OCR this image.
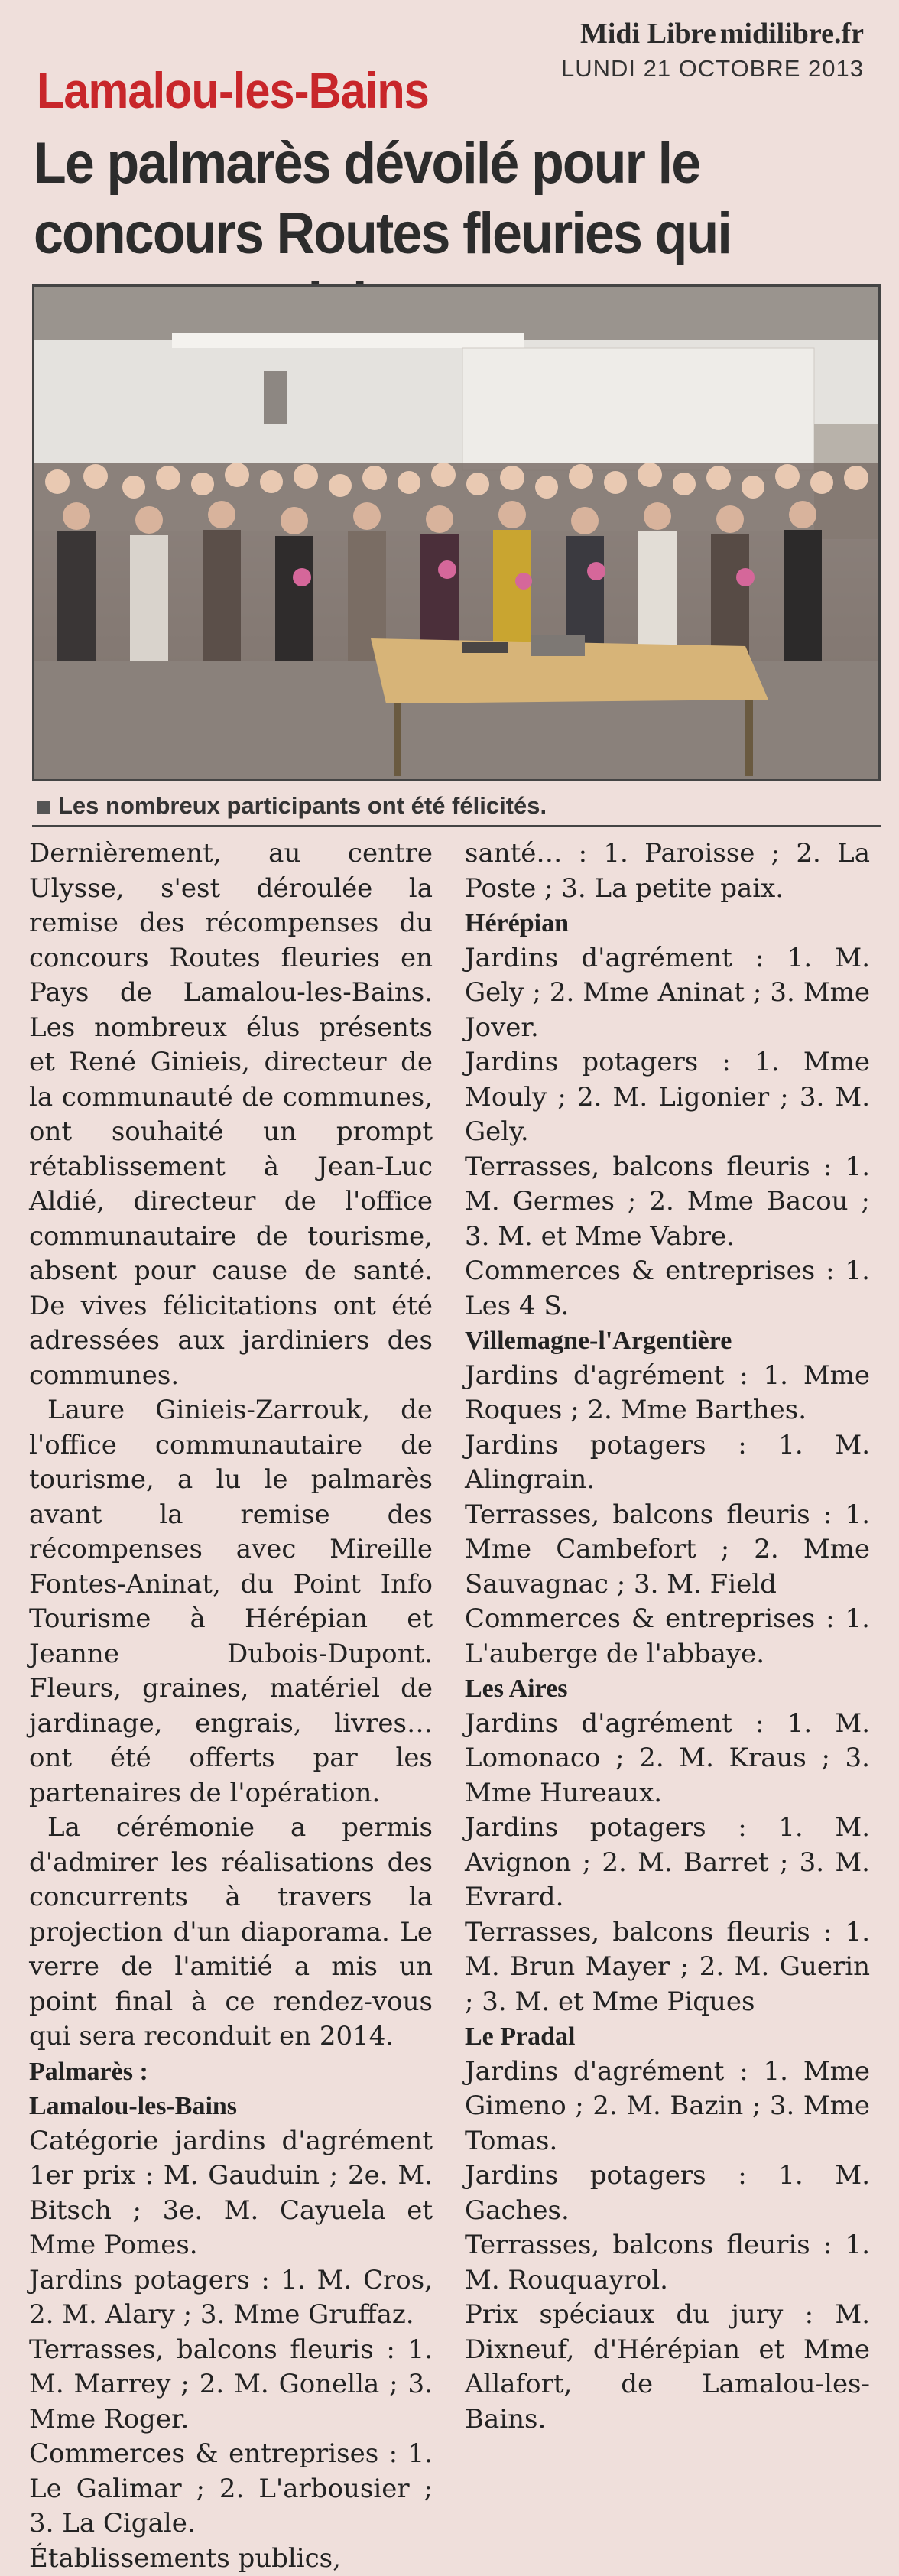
Midi Libre midilibre.fr
LUNDI 21 OCTOBRE 2013
Lamalou-les-Bains
Le palmarès dévoilé pour le concours Routes fleuries qui
Les nombreux participants ont été félicités.

Dernièrement, au centre Ulysse, s'est déroulée la remise des récompenses du concours Routes fleuries en Pays de Lamalou-les-Bains. Les nombreux élus présents et René Ginieis, directeur de la communauté de communes, ont souhaité un prompt rétablissement à Jean-Luc Aldié, directeur de l'office communautaire de tourisme, absent pour cause de santé. De vives félicitations ont été adressées aux jardiniers des communes.

Laure Ginieis-Zarrouk, de l'office communautaire de tourisme, a lu le palmarès avant la remise des récompenses avec Mireille Fontes-Aninat, du Point Info Tourisme à Hérépian et Jeanne Dubois-Dupont. Fleurs, graines, matériel de jardinage, engrais, livres… ont été offerts par les partenaires de l'opération.

La cérémonie a permis d'admirer les réalisations des concurrents à travers la projection d'un diaporama. Le verre de l'amitié a mis un point final à ce rendez-vous qui sera reconduit en 2014.

Palmarès :

Lamalou-les-Bains

Catégorie jardins d'agrément 1er prix : M. Gauduin ; 2e. M. Bitsch ; 3e. M. Cayuela et Mme Pomes.

Jardins potagers : 1. M. Cros, 2. M. Alary ; 3. Mme Gruffaz.

Terrasses, balcons fleuris : 1. M. Marrey ; 2. M. Gonella ; 3. Mme Roger.

Commerces & entreprises : 1. Le Galimar ; 2. L'arbousier ; 3. La Cigale.

Établissements publics,

santé… : 1. Paroisse ; 2. La Poste ; 3. La petite paix.

Hérépian

Jardins d'agrément : 1. M. Gely ; 2. Mme Aninat ; 3. Mme Jover.

Jardins potagers : 1. Mme Mouly ; 2. M. Ligonier ; 3. M. Gely.

Terrasses, balcons fleuris : 1. M. Germes ; 2. Mme Bacou ; 3. M. et Mme Vabre.

Commerces & entreprises : 1. Les 4 S.

Villemagne-l'Argentière

Jardins d'agrément : 1. Mme Roques ; 2. Mme Barthes.

Jardins potagers : 1. M. Alingrain.

Terrasses, balcons fleuris : 1. Mme Cambefort ; 2. Mme Sauvagnac ; 3. M. Field

Commerces & entreprises : 1. L'auberge de l'abbaye.

Les Aires

Jardins d'agrément : 1. M. Lomonaco ; 2. M. Kraus ; 3. Mme Hureaux.

Jardins potagers : 1. M. Avignon ; 2. M. Barret ; 3. M. Evrard.

Terrasses, balcons fleuris : 1. M. Brun Mayer ; 2. M. Guerin ; 3. M. et Mme Piques

Le Pradal

Jardins d'agrément : 1. Mme Gimeno ; 2. M. Bazin ; 3. Mme Tomas.

Jardins potagers : 1. M. Gaches.

Terrasses, balcons fleuris : 1. M. Rouquayrol.

Prix spéciaux du jury : M. Dixneuf, d'Hérépian et Mme Allafort, de Lamalou-les-Bains.
